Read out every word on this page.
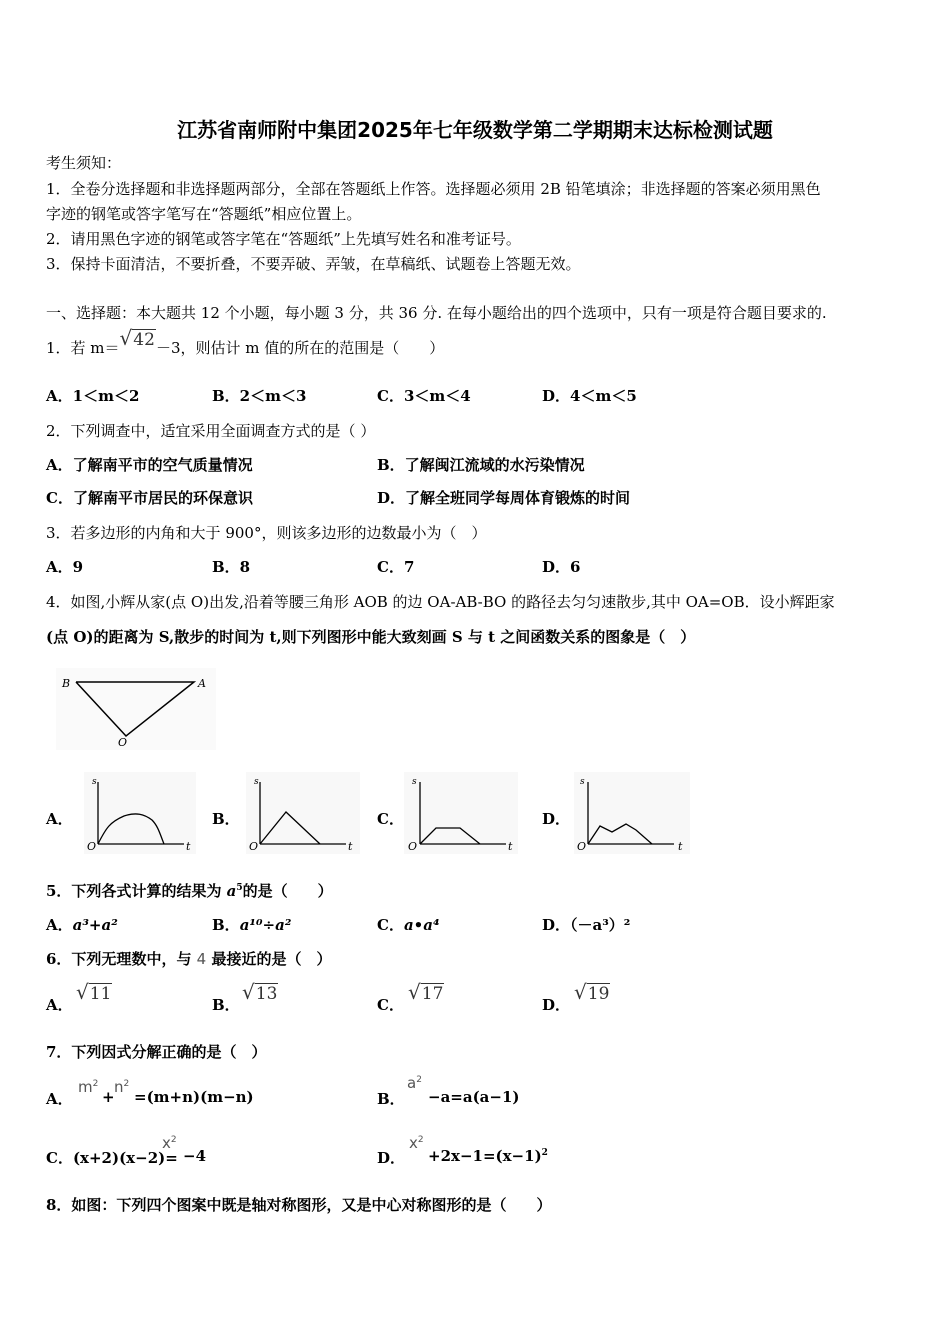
江苏省南师附中集团2025年七年级数学第二学期期末达标检测试题
考生须知：
1．全卷分选择题和非选择题两部分，全部在答题纸上作答。选择题必须用 2B 铅笔填涂；非选择题的答案必须用黑色
字迹的钢笔或答字笔写在“答题纸”相应位置上。
2．请用黑色字迹的钢笔或答字笔在“答题纸”上先填写姓名和准考证号。
3．保持卡面清洁，不要折叠，不要弄破、弄皱，在草稿纸、试题卷上答题无效。
一、选择题：本大题共 12 个小题，每小题 3 分，共 36 分. 在每小题给出的四个选项中，只有一项是符合题目要求的.
1．若 m＝√42－3，则估计 m 值的所在的范围是（　　）
A．1＜m＜2	B．2＜m＜3	C．3＜m＜4	D．4＜m＜5
2．下列调查中，适宜采用全面调查方式的是（ ）
A．了解南平市的空气质量情况	B．了解闽江流域的水污染情况
C．了解南平市居民的环保意识	D．了解全班同学每周体育锻炼的时间
3．若多边形的内角和大于 900°，则该多边形的边数最小为（　）
A．9	B．8	C．7	D．6
4．如图,小辉从家(点 O)出发,沿着等腰三角形 AOB 的边 OA-AB-BO 的路径去匀匀速散步,其中 OA=OB．设小辉距家
(点 O)的距离为 S,散步的时间为 t,则下列图形中能大致刻画 S 与 t 之间函数关系的图象是（　）
B	A
O
A．	B．	C．	D．
s
t
O
s
t
O
s
t
O
s
t
O
5．下列各式计算的结果为 $a^5$的是（　　）
A．a³+a²	B．a¹⁰÷a²	C．a•a⁴	D．（－a³）²
6．下列无理数中，与 4 最接近的是（　）
A．
√11
B．
√13
C．
√17
D．
√19
7．下列因式分解正确的是（　）
A．
$m^2$
+
$n^2$
=(m+n)(m−n)	B．
$a^2$
−a=a(a−1)
C．(x+2)(x−2)=
$x^2$
−4	D．
$x^2$
$+2x-1=(x-1)^2$
8．如图：下列四个图案中既是轴对称图形，又是中心对称图形的是（　　）
